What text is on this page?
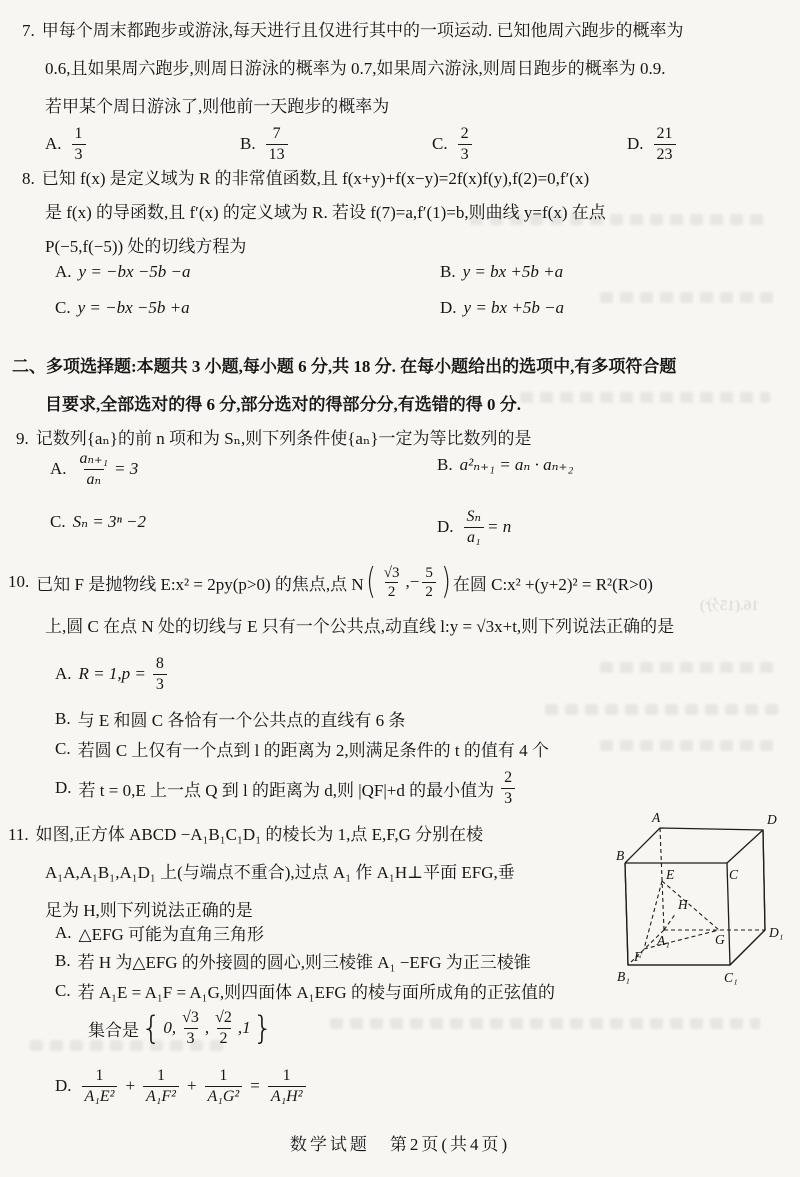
7. 甲每个周末都跑步或游泳,每天进行且仅进行其中的一项运动. 已知他周六跑步的概率为
0.6,且如果周六跑步,则周日游泳的概率为 0.7,如果周六游泳,则周日跑步的概率为 0.9.
若甲某个周日游泳了,则他前一天跑步的概率为
A. $\frac{1}{3}$	B. $\frac{7}{13}$	C. $\frac{2}{3}$	D. $\frac{21}{23}$
8. 已知 f(x) 是定义域为 R 的非常值函数,且 f(x+y)+f(x−y)=2f(x)f(y),f(2)=0,f′(x)
是 f(x) 的导函数,且 f′(x) 的定义域为 R. 若设 f(7)=a,f′(1)=b,则曲线 y=f(x) 在点
P(−5,f(−5)) 处的切线方程为
A. y = −bx −5b −a	B. y = bx +5b +a
C. y = −bx −5b +a	D. y = bx +5b −a
二、多项选择题:本题共 3 小题,每小题 6 分,共 18 分. 在每小题给出的选项中,有多项符合题
目要求,全部选对的得 6 分,部分选对的得部分分,有选错的得 0 分.
9. 记数列{aₙ}的前 n 项和为 Sₙ,则下列条件使{aₙ}一定为等比数列的是
A. $\frac{\text{aₙ₊₁}}{\text{aₙ}} = 3$	B. a²ₙ₊₁ = aₙ · aₙ₊₂
C. Sₙ = 3ⁿ −2	D. $\frac{\text{Sₙ}}{\text{a₁}} = n$
10. 已知 F 是抛物线 E:x² = 2py(p>0) 的焦点,点 N ( $\frac{√3}{2}$ ,− $\frac{5}{2}$ ) 在圆 C:x² +(y+2)² = R²(R>0)
上,圆 C 在点 N 处的切线与 E 只有一个公共点,动直线 l:y = √3x+t,则下列说法正确的是
A. $R = 1,p = \frac{8}{3}$
B. 与 E 和圆 C 各恰有一个公共点的直线有 6 条
C. 若圆 C 上仅有一个点到 l 的距离为 2,则满足条件的 t 的值有 4 个
D. 若 t = 0,E 上一点 Q 到 l 的距离为 d,则 |QF|+d 的最小值为 $\frac{2}{3}$
11. 如图,正方体 ABCD −A₁B₁C₁D₁ 的棱长为 1,点 E,F,G 分别在棱
A₁A,A₁B₁,A₁D₁ 上(与端点不重合),过点 A₁ 作 A₁H⊥平面 EFG,垂
足为 H,则下列说法正确的是
A. △EFG 可能为直角三角形
B. 若 H 为△EFG 的外接圆的圆心,则三棱锥 A₁ −EFG 为正三棱锥
C. 若 A₁E = A₁F = A₁G,则四面体 A₁EFG 的棱与面所成角的正弦值的
集合是 { 0, $\frac{√3}{3}$ , $\frac{√2}{2} ,1$ }
D. $\frac{1}{\text{A₁E²}} + \frac{1}{\text{A₁F²}} + \frac{1}{\text{A₁G²}} = \frac{1}{\text{A₁H²}}$
A	D
B
C
E
H
A₁	G	D₁
F
B₁	C₁
16.(15分)
数学试题　第2页(共4页)
